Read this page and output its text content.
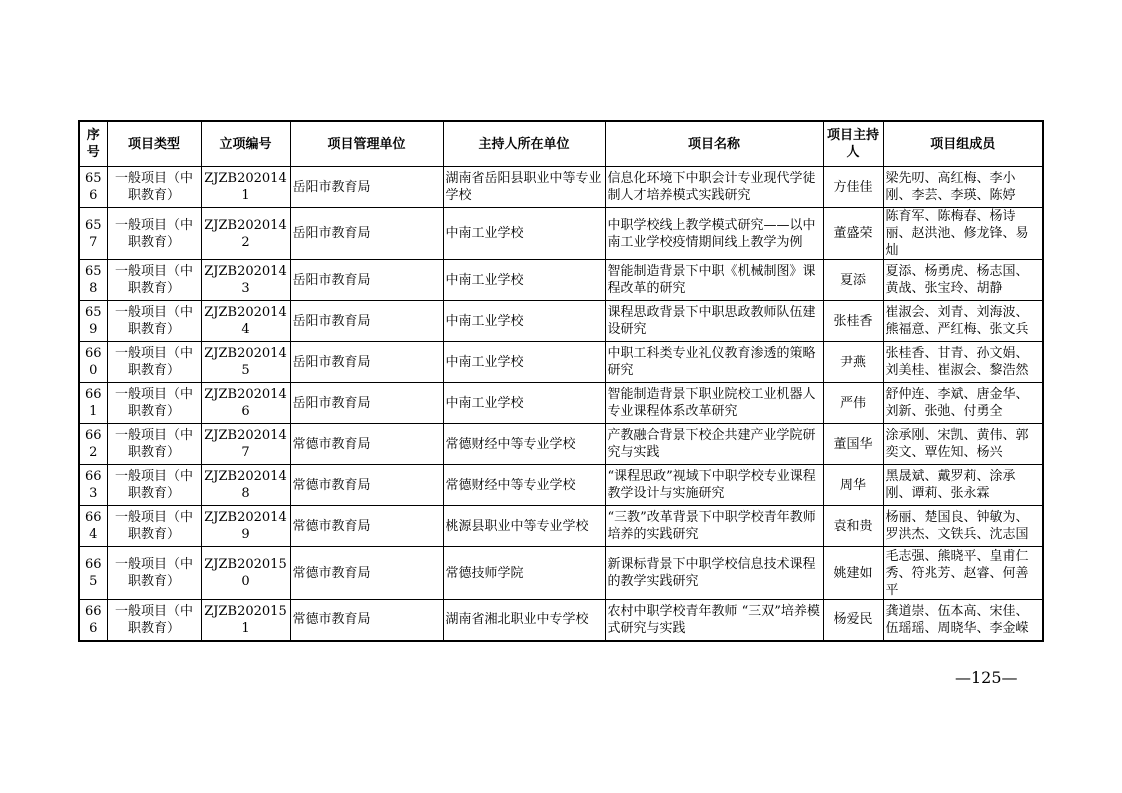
序号	项目类型	立项编号	项目管理单位	主持人所在单位	项目名称	项目主持人	项目组成员
656	一般项目（中职教育）	ZJZB2020141	岳阳市教育局	湖南省岳阳县职业中等专业学校	信息化环境下中职会计专业现代学徒制人才培养模式实践研究	方佳佳	梁先叨、高红梅、李小刚、李芸、李瑛、陈婷
657	一般项目（中职教育）	ZJZB2020142	岳阳市教育局	中南工业学校	中职学校线上教学模式研究——以中南工业学校疫情期间线上教学为例	董盛荣	陈育军、陈梅春、杨诗丽、赵洪池、修龙锋、易灿
658	一般项目（中职教育）	ZJZB2020143	岳阳市教育局	中南工业学校	智能制造背景下中职《机械制图》课程改革的研究	夏添	夏添、杨勇虎、杨志国、黄战、张宝玲、胡静
659	一般项目（中职教育）	ZJZB2020144	岳阳市教育局	中南工业学校	课程思政背景下中职思政教师队伍建设研究	张桂香	崔淑会、刘青、刘海波、熊福意、严红梅、张文兵
660	一般项目（中职教育）	ZJZB2020145	岳阳市教育局	中南工业学校	中职工科类专业礼仪教育渗透的策略研究	尹燕	张桂香、甘青、孙文娟、刘美桂、崔淑会、黎浩然
661	一般项目（中职教育）	ZJZB2020146	岳阳市教育局	中南工业学校	智能制造背景下职业院校工业机器人专业课程体系改革研究	严伟	舒仲连、李斌、唐金华、刘新、张弛、付勇全
662	一般项目（中职教育）	ZJZB2020147	常德市教育局	常德财经中等专业学校	产教融合背景下校企共建产业学院研究与实践	董国华	涂承刚、宋凯、黄伟、郭奕文、覃佐知、杨兴
663	一般项目（中职教育）	ZJZB2020148	常德市教育局	常德财经中等专业学校	“课程思政”视域下中职学校专业课程教学设计与实施研究	周华	黑晟斌、戴罗莉、涂承刚、谭莉、张永霖
664	一般项目（中职教育）	ZJZB2020149	常德市教育局	桃源县职业中等专业学校	“三教”改革背景下中职学校青年教师培养的实践研究	袁和贵	杨丽、楚国良、钟敏为、罗洪杰、文铁兵、沈志国
665	一般项目（中职教育）	ZJZB2020150	常德市教育局	常德技师学院	新课标背景下中职学校信息技术课程的教学实践研究	姚建如	毛志强、熊晓平、皇甫仁秀、符兆芳、赵睿、何善平
666	一般项目（中职教育）	ZJZB2020151	常德市教育局	湖南省湘北职业中专学校	农村中职学校青年教师 “三双”培养模式研究与实践	杨爱民	龚道崇、伍本高、宋佳、伍瑶瑶、周晓华、李金嵘
—125—
